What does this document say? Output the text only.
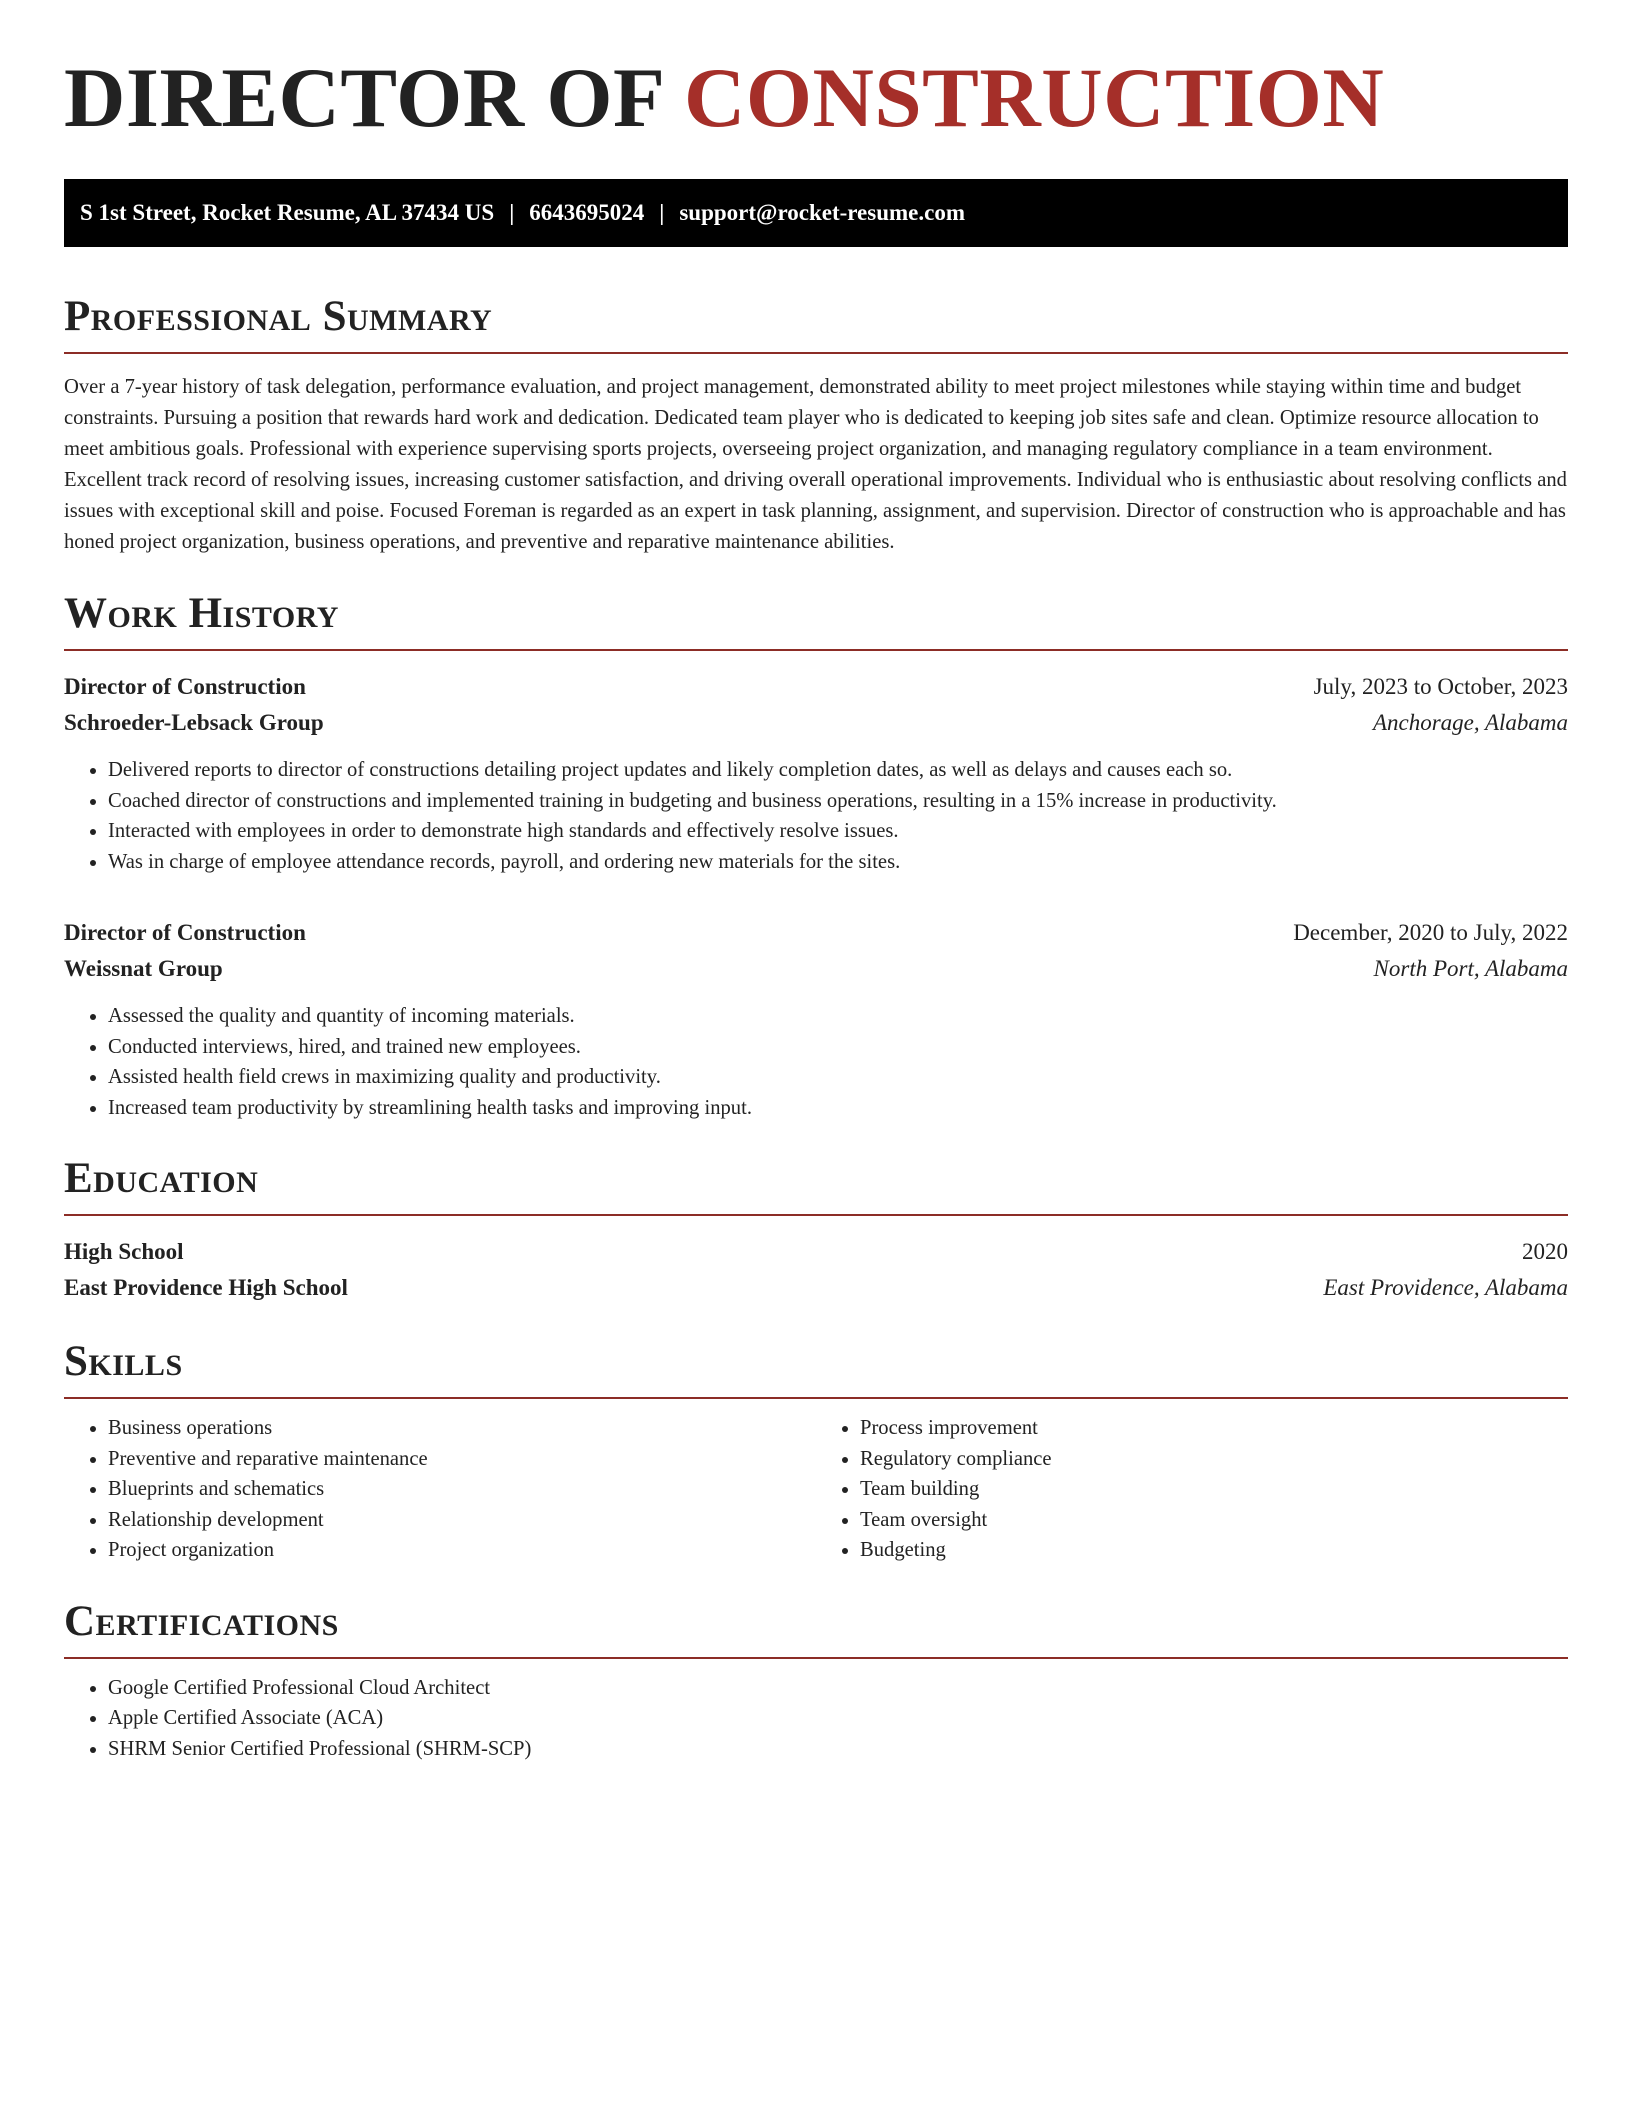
DIRECTOR OF CONSTRUCTION
S 1st Street, Rocket Resume, AL 37434 US | 6643695024 | support@rocket-resume.com
Professional Summary

Over a 7-year history of task delegation, performance evaluation, and project management, demonstrated ability to meet project milestones while staying within time and budget constraints. Pursuing a position that rewards hard work and dedication. Dedicated team player who is dedicated to keeping job sites safe and clean. Optimize resource allocation to meet ambitious goals. Professional with experience supervising sports projects, overseeing project organization, and managing regulatory compliance in a team environment. Excellent track record of resolving issues, increasing customer satisfaction, and driving overall operational improvements. Individual who is enthusiastic about resolving conflicts and issues with exceptional skill and poise. Focused Foreman is regarded as an expert in task planning, assignment, and supervision. Director of construction who is approachable and has honed project organization, business operations, and preventive and reparative maintenance abilities.

Work History
Director of Construction	July, 2023 to October, 2023
Schroeder-Lebsack Group	Anchorage, Alabama
• Delivered reports to director of constructions detailing project updates and likely completion dates, as well as delays and causes each so.
• Coached director of constructions and implemented training in budgeting and business operations, resulting in a 15% increase in productivity.
• Interacted with employees in order to demonstrate high standards and effectively resolve issues.
• Was in charge of employee attendance records, payroll, and ordering new materials for the sites.
Director of Construction	December, 2020 to July, 2022
Weissnat Group	North Port, Alabama
• Assessed the quality and quantity of incoming materials.
• Conducted interviews, hired, and trained new employees.
• Assisted health field crews in maximizing quality and productivity.
• Increased team productivity by streamlining health tasks and improving input.
Education
High School	2020
East Providence High School	East Providence, Alabama
Skills
• Business operations
• Preventive and reparative maintenance
• Blueprints and schematics
• Relationship development
• Project organization
• Process improvement
• Regulatory compliance
• Team building
• Team oversight
• Budgeting
Certifications
• Google Certified Professional Cloud Architect
• Apple Certified Associate (ACA)
• SHRM Senior Certified Professional (SHRM-SCP)
